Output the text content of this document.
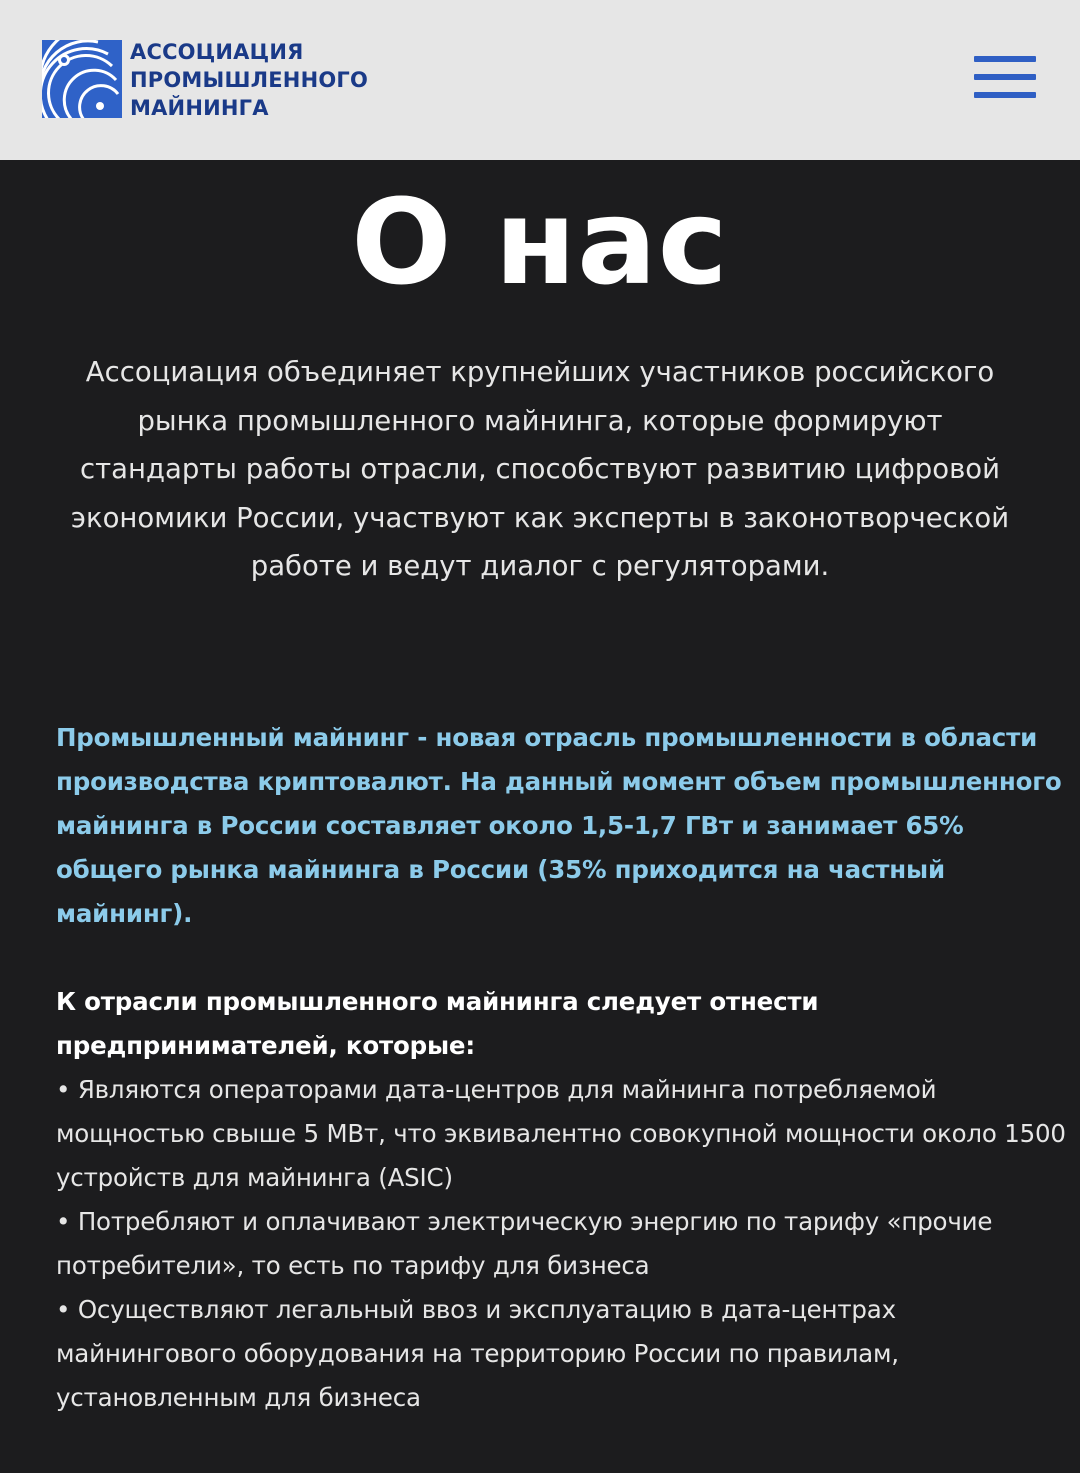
АССОЦИАЦИЯ
ПРОМЫШЛЕННОГО
МАЙНИНГА
О нас

Ассоциация объединяет крупнейших участников российского рынка промышленного майнинга, которые формируют стандарты работы отрасли, способствуют развитию цифровой экономики России, участвуют как эксперты в законотворческой работе и ведут диалог с регуляторами.

Промышленный майнинг - новая отрасль промышленности в области производства криптовалют. На данный момент объем промышленного майнинга в России составляет около 1,5-1,7 ГВт и занимает 65% общего рынка майнинга в России (35% приходится на частный майнинг).

К отрасли промышленного майнинга следует отнести предпринимателей, которые:
• Являются операторами дата-центров для майнинга потребляемой мощностью свыше 5 МВт, что эквивалентно совокупной мощности около 1500 устройств для майнинга (ASIC)
• Потребляют и оплачивают электрическую энергию по тарифу «прочие потребители», то есть по тарифу для бизнеса
• Осуществляют легальный ввоз и эксплуатацию в дата-центрах майнингового оборудования на территорию России по правилам, установленным для бизнеса
